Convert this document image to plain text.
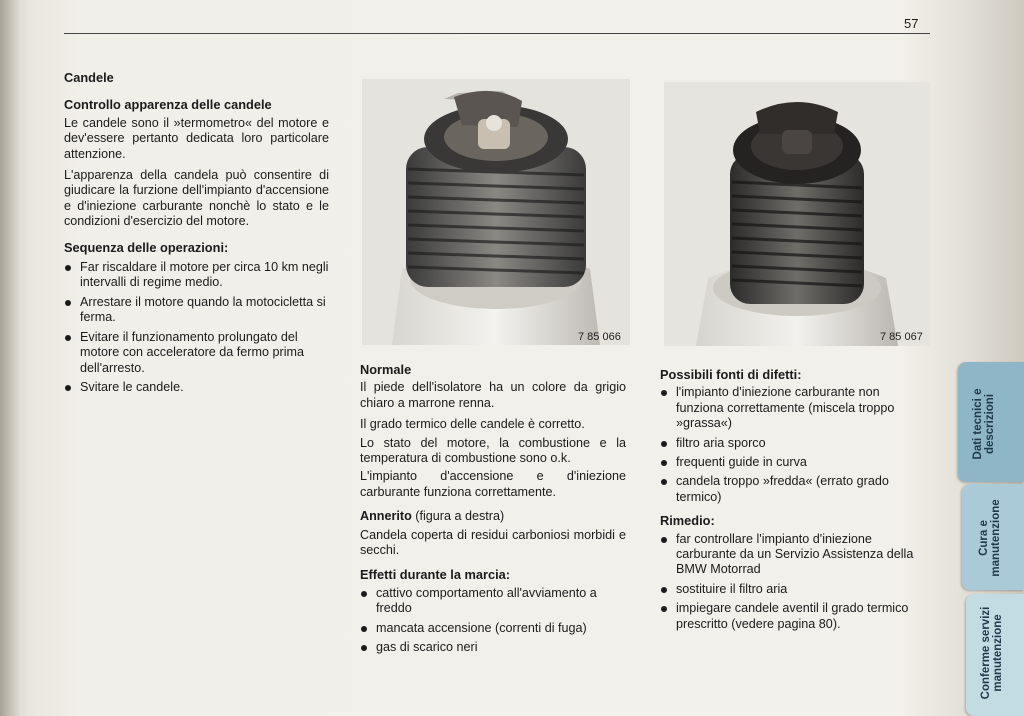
57
Candele
Controllo apparenza delle candele

Le candele sono il »termometro« del motore e dev'essere pertanto dedicata loro particolare attenzione.

L'apparenza della candela può consentire di giudicare la furzione dell'impianto d'accensione e d'iniezione carburante nonchè lo stato e le condizioni d'esercizio del motore.

Sequenza delle operazioni:
Far riscaldare il motore per circa 10 km negli intervalli di regime medio.
Arrestare il motore quando la motocicletta si ferma.
Evitare il funzionamento prolungato del motore con acceleratore da fermo prima dell'arresto.
Svitare le candele.
7 85 066	7 85 067
Normale

Il piede dell'isolatore ha un colore da grigio chiaro a marrone renna.

Il grado termico delle candele è corretto.

Lo stato del motore, la combustione e la temperatura di combustione sono o.k.

L'impianto d'accensione e d'iniezione carburante funziona correttamente.

Annerito (figura a destra)

Candela coperta di residui carboniosi morbidi e secchi.

Effetti durante la marcia:
cattivo comportamento all'avviamento a freddo
mancata accensione (correnti di fuga)
gas di scarico neri
Possibili fonti di difetti:
l'impianto d'iniezione carburante non funziona correttamente (miscela troppo »grassa«)
filtro aria sporco
frequenti guide in curva
candela troppo »fredda« (errato grado termico)
Rimedio:
far controllare l'impianto d'iniezione carburante da un Servizio Assistenza della BMW Motorrad
sostituire il filtro aria
impiegare candele aventil il grado termico prescritto (vedere pagina 80).
Dati tecnici e descrizioni
Cura e manutenzione
Conferme servizi manutenzione
